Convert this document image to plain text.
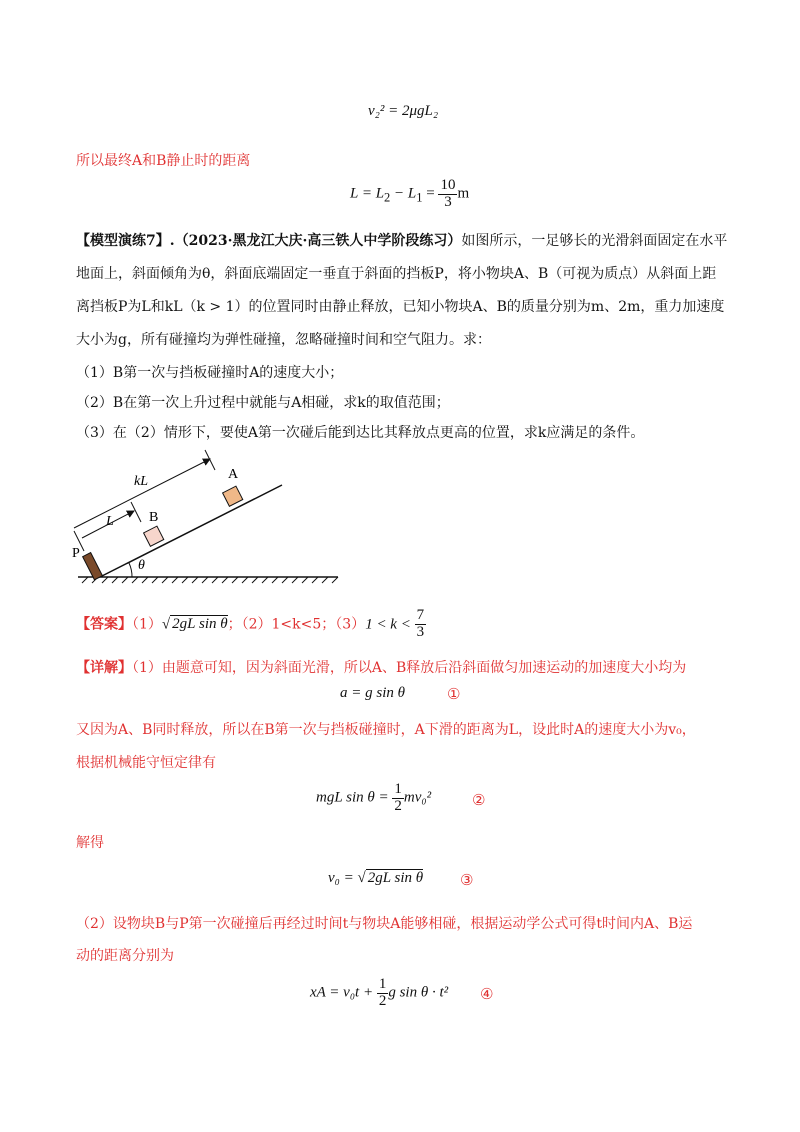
v₂² = 2μgL₂
所以最终A和B静止时的距离
$L = L_2 - L_1 = \frac{10}{3}$ m
【模型演练7】.（2023·黑龙江大庆·高三铁人中学阶段练习）如图所示，一足够长的光滑斜面固定在水平
地面上，斜面倾角为θ，斜面底端固定一垂直于斜面的挡板P，将小物块A、B（可视为质点）从斜面上距
离挡板P为L和kL（k > 1）的位置同时由静止释放，已知小物块A、B的质量分别为m、2m，重力加速度
大小为g，所有碰撞均为弹性碰撞，忽略碰撞时间和空气阻力。求：
（1）B第一次与挡板碰撞时A的速度大小；
（2）B在第一次上升过程中就能与A相碰，求k的取值范围；
（3）在（2）情形下，要使A第一次碰后能到达比其释放点更高的位置，求k应满足的条件。
θ
P
B
A
L
kL
【答案】（1）√ 2gL sin θ；（2）1<k<5；$(3)1 < k < \frac{7}{3}$
【详解】（1）由题意可知，因为斜面光滑，所以A、B释放后沿斜面做匀加速运动的加速度大小均为
a = g sin θ	①
又因为A、B同时释放，所以在B第一次与挡板碰撞时，A下滑的距离为L，设此时A的速度大小为v₀，
根据机械能守恒定律有
mgL $\sin \theta = \frac{1}{2} mv_0^2$	②
解得
v₀ = √ 2gL sin θ ③
（2）设物块B与P第一次碰撞后再经过时间t与物块A能够相碰，根据运动学公式可得t时间内A、B运
动的距离分别为
xA = $v_0t + \frac{1}{2}$ g sin θ · t² ④
